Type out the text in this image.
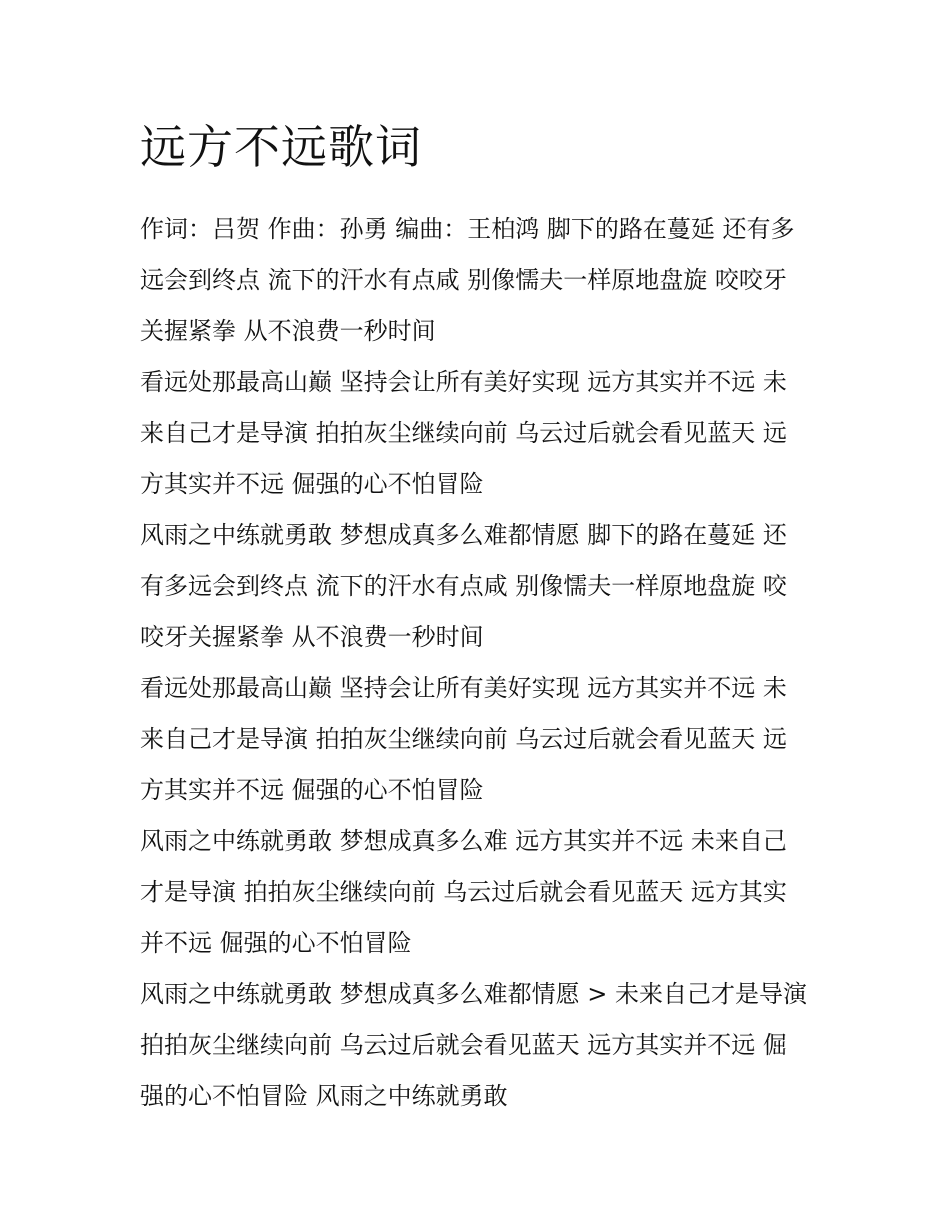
远方不远歌词

作词：吕贺 作曲：孙勇 编曲：王柏鸿 脚下的路在蔓延 还有多远会到终点 流下的汗水有点咸 别像懦夫一样原地盘旋 咬咬牙关握紧拳 从不浪费一秒时间

看远处那最高山巅 坚持会让所有美好实现 远方其实并不远 未来自己才是导演 拍拍灰尘继续向前 乌云过后就会看见蓝天 远方其实并不远 倔强的心不怕冒险

风雨之中练就勇敢 梦想成真多么难都情愿 脚下的路在蔓延 还有多远会到终点 流下的汗水有点咸 别像懦夫一样原地盘旋 咬咬牙关握紧拳 从不浪费一秒时间

看远处那最高山巅 坚持会让所有美好实现 远方其实并不远 未来自己才是导演 拍拍灰尘继续向前 乌云过后就会看见蓝天 远方其实并不远 倔强的心不怕冒险

风雨之中练就勇敢 梦想成真多么难 远方其实并不远 未来自己才是导演 拍拍灰尘继续向前 乌云过后就会看见蓝天 远方其实并不远 倔强的心不怕冒险

风雨之中练就勇敢 梦想成真多么难都情愿 > 未来自己才是导演 拍拍灰尘继续向前 乌云过后就会看见蓝天 远方其实并不远 倔强的心不怕冒险 风雨之中练就勇敢
